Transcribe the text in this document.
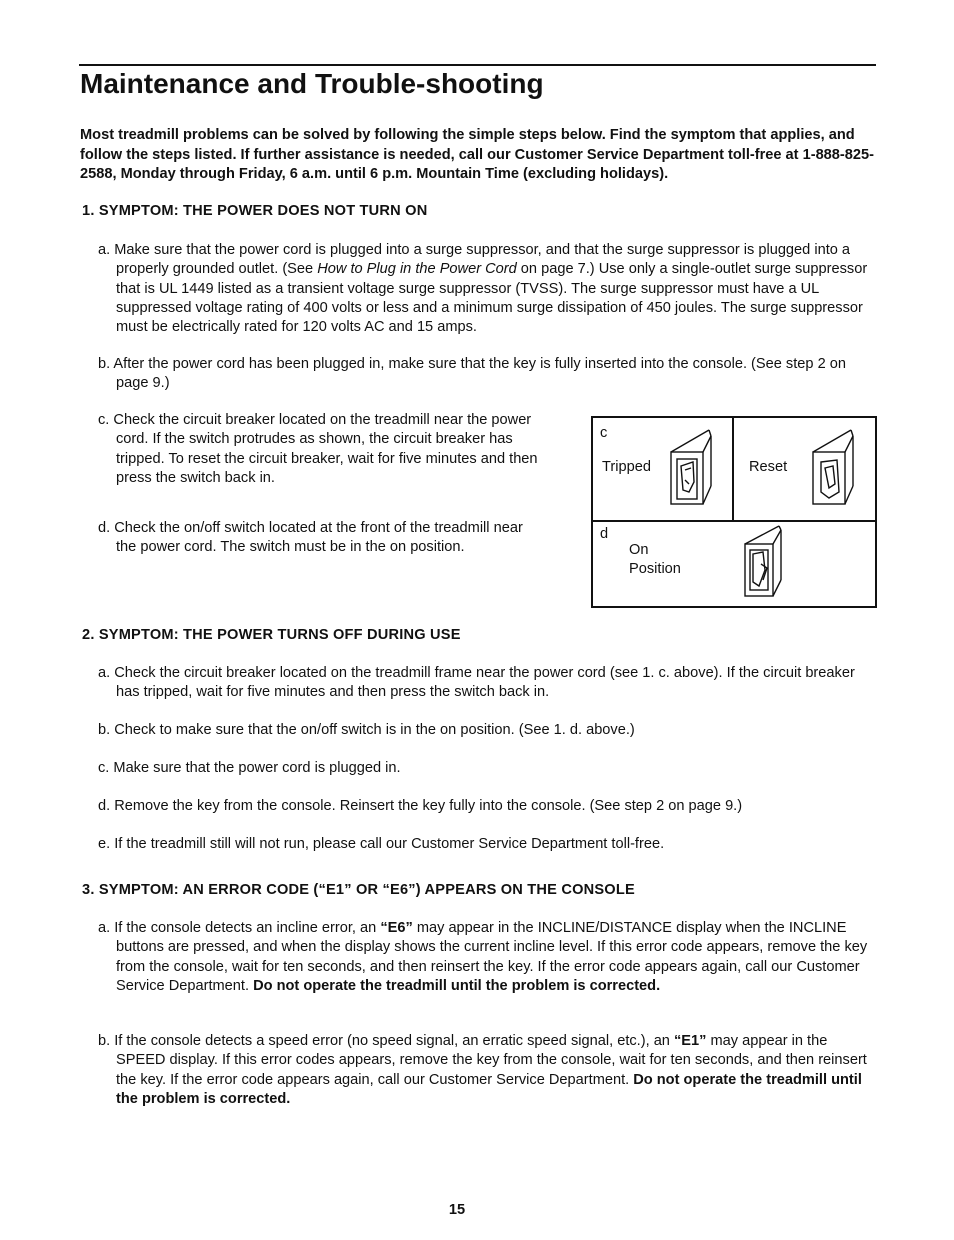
Maintenance and Trouble-shooting

Most treadmill problems can be solved by following the simple steps below. Find the symptom that applies, and follow the steps listed. If further assistance is needed, call our Customer Service Department toll-free at 1-888-825-2588, Monday through Friday, 6 a.m. until 6 p.m. Mountain Time (excluding holidays).

1. SYMPTOM: THE POWER DOES NOT TURN ON

a. Make sure that the power cord is plugged into a surge suppressor, and that the surge suppressor is plugged into a properly grounded outlet. (See How to Plug in the Power Cord on page 7.) Use only a single-outlet surge suppressor that is UL 1449 listed as a transient voltage surge suppressor (TVSS). The surge suppressor must have a UL suppressed voltage rating of 400 volts or less and a minimum surge dissipation of 450 joules. The surge suppressor must be electrically rated for 120 volts AC and 15 amps.
b. After the power cord has been plugged in, make sure that the key is fully inserted into the console. (See step 2 on page 9.)
c. Check the circuit breaker located on the treadmill near the power cord. If the switch protrudes as shown, the circuit breaker has tripped. To reset the circuit breaker, wait for five minutes and then press the switch back in.
d. Check the on/off switch located at the front of the treadmill near the power cord. The switch must be in the on position.

c

Tripped	Reset

d

On

Position

2. SYMPTOM: THE POWER TURNS OFF DURING USE

a. Check the circuit breaker located on the treadmill frame near the power cord (see 1. c. above). If the circuit breaker has tripped, wait for five minutes and then press the switch back in.
b. Check to make sure that the on/off switch is in the on position. (See 1. d. above.)
c. Make sure that the power cord is plugged in.
d. Remove the key from the console. Reinsert the key fully into the console. (See step 2 on page 9.)
e. If the treadmill still will not run, please call our Customer Service Department toll-free.

3. SYMPTOM: AN ERROR CODE (“E1” OR “E6”) APPEARS ON THE CONSOLE

a. If the console detects an incline error, an “E6” may appear in the INCLINE/DISTANCE display when the INCLINE buttons are pressed, and when the display shows the current incline level. If this error code appears, remove the key from the console, wait for ten seconds, and then reinsert the key. If the error code appears again, call our Customer Service Department. Do not operate the treadmill until the problem is corrected.
b. If the console detects a speed error (no speed signal, an erratic speed signal, etc.), an “E1” may appear in the SPEED display. If this error codes appears, remove the key from the console, wait for ten seconds, and then reinsert the key. If the error code appears again, call our Customer Service Department. Do not operate the treadmill until the problem is corrected.

15
